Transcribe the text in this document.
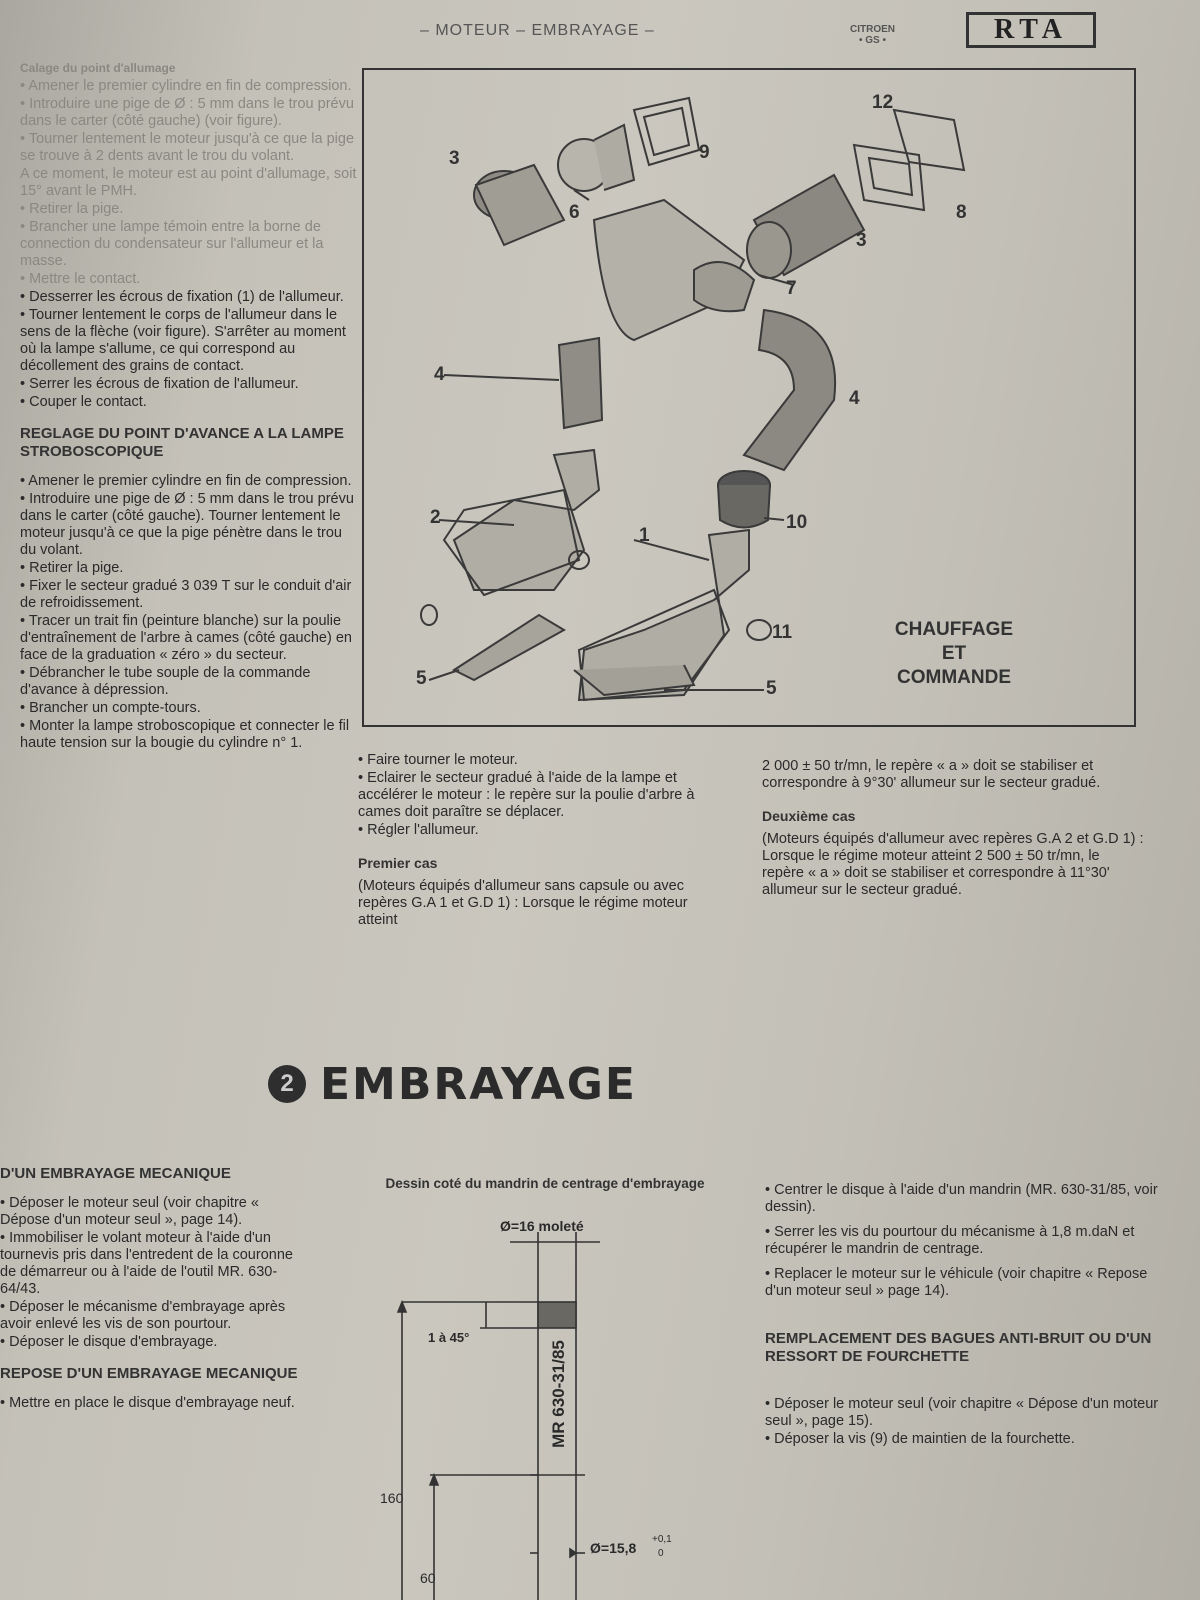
– MOTEUR – EMBRAYAGE –	CITROEN
• GS •	RTA

Calage du point d'allumage

• Amener le premier cylindre en fin de compression.

• Introduire une pige de Ø : 5 mm dans le trou prévu dans le carter (côté gauche) (voir figure).

• Tourner lentement le moteur jusqu'à ce que la pige se trouve à 2 dents avant le trou du volant.

A ce moment, le moteur est au point d'allumage, soit 15° avant le PMH.

• Retirer la pige.

• Brancher une lampe témoin entre la borne de connection du condensateur sur l'allumeur et la masse.

• Mettre le contact.

• Desserrer les écrous de fixation (1) de l'allumeur.

• Tourner lentement le corps de l'allumeur dans le sens de la flèche (voir figure). S'arrêter au moment où la lampe s'allume, ce qui correspond au décollement des grains de contact.

• Serrer les écrous de fixation de l'allumeur.

• Couper le contact.

REGLAGE DU POINT D'AVANCE A LA LAMPE STROBOSCOPIQUE

• Amener le premier cylindre en fin de compression.

• Introduire une pige de Ø : 5 mm dans le trou prévu dans le carter (côté gauche). Tourner lentement le moteur jusqu'à ce que la pige pénètre dans le trou du volant.

• Retirer la pige.

• Fixer le secteur gradué 3 039 T sur le conduit d'air de refroidissement.

• Tracer un trait fin (peinture blanche) sur la poulie d'entraînement de l'arbre à cames (côté gauche) en face de la graduation « zéro » du secteur.

• Débrancher le tube souple de la commande d'avance à dépression.

• Brancher un compte-tours.

• Monter la lampe stroboscopique et connecter le fil haute tension sur la bougie du cylindre n° 1.

3	9
6
12
8
3
7
4
4
2	10
1
11
5	5
CHAUFFAGE
ET
COMMANDE

• Faire tourner le moteur.

• Eclairer le secteur gradué à l'aide de la lampe et accélérer le moteur : le repère sur la poulie d'arbre à cames doit paraître se déplacer.

• Régler l'allumeur.

Premier cas

(Moteurs équipés d'allumeur sans capsule ou avec repères G.A 1 et G.D 1) : Lorsque le régime moteur atteint

2 000 ± 50 tr/mn, le repère « a » doit se stabiliser et correspondre à 9°30' allumeur sur le secteur gradué.

Deuxième cas

(Moteurs équipés d'allumeur avec repères G.A 2 et G.D 1) : Lorsque le régime moteur atteint 2 500 ± 50 tr/mn, le repère « a » doit se stabiliser et correspondre à 11°30' allumeur sur le secteur gradué.

2 EMBRAYAGE
D'UN EMBRAYAGE MECANIQUE

• Déposer le moteur seul (voir chapitre « Dépose d'un moteur seul », page 14).

• Immobiliser le volant moteur à l'aide d'un tournevis pris dans l'entredent de la couronne de démarreur ou à l'aide de l'outil MR. 630-64/43.

• Déposer le mécanisme d'embrayage après avoir enlevé les vis de son pourtour.

• Déposer le disque d'embrayage.

REPOSE D'UN EMBRAYAGE MECANIQUE

• Mettre en place le disque d'embrayage neuf.

Dessin coté du mandrin de centrage d'embrayage
Ø=16 moleté
1 à 45°
MR 630-31/85
160
60
Ø=15,8
+0,1
0

• Centrer le disque à l'aide d'un mandrin (MR. 630-31/85, voir dessin).

• Serrer les vis du pourtour du mécanisme à 1,8 m.daN et récupérer le mandrin de centrage.

• Replacer le moteur sur le véhicule (voir chapitre « Repose d'un moteur seul » page 14).

REMPLACEMENT DES BAGUES ANTI-BRUIT OU D'UN RESSORT DE FOURCHETTE

• Déposer le moteur seul (voir chapitre « Dépose d'un moteur seul », page 15).

• Déposer la vis (9) de maintien de la fourchette.
